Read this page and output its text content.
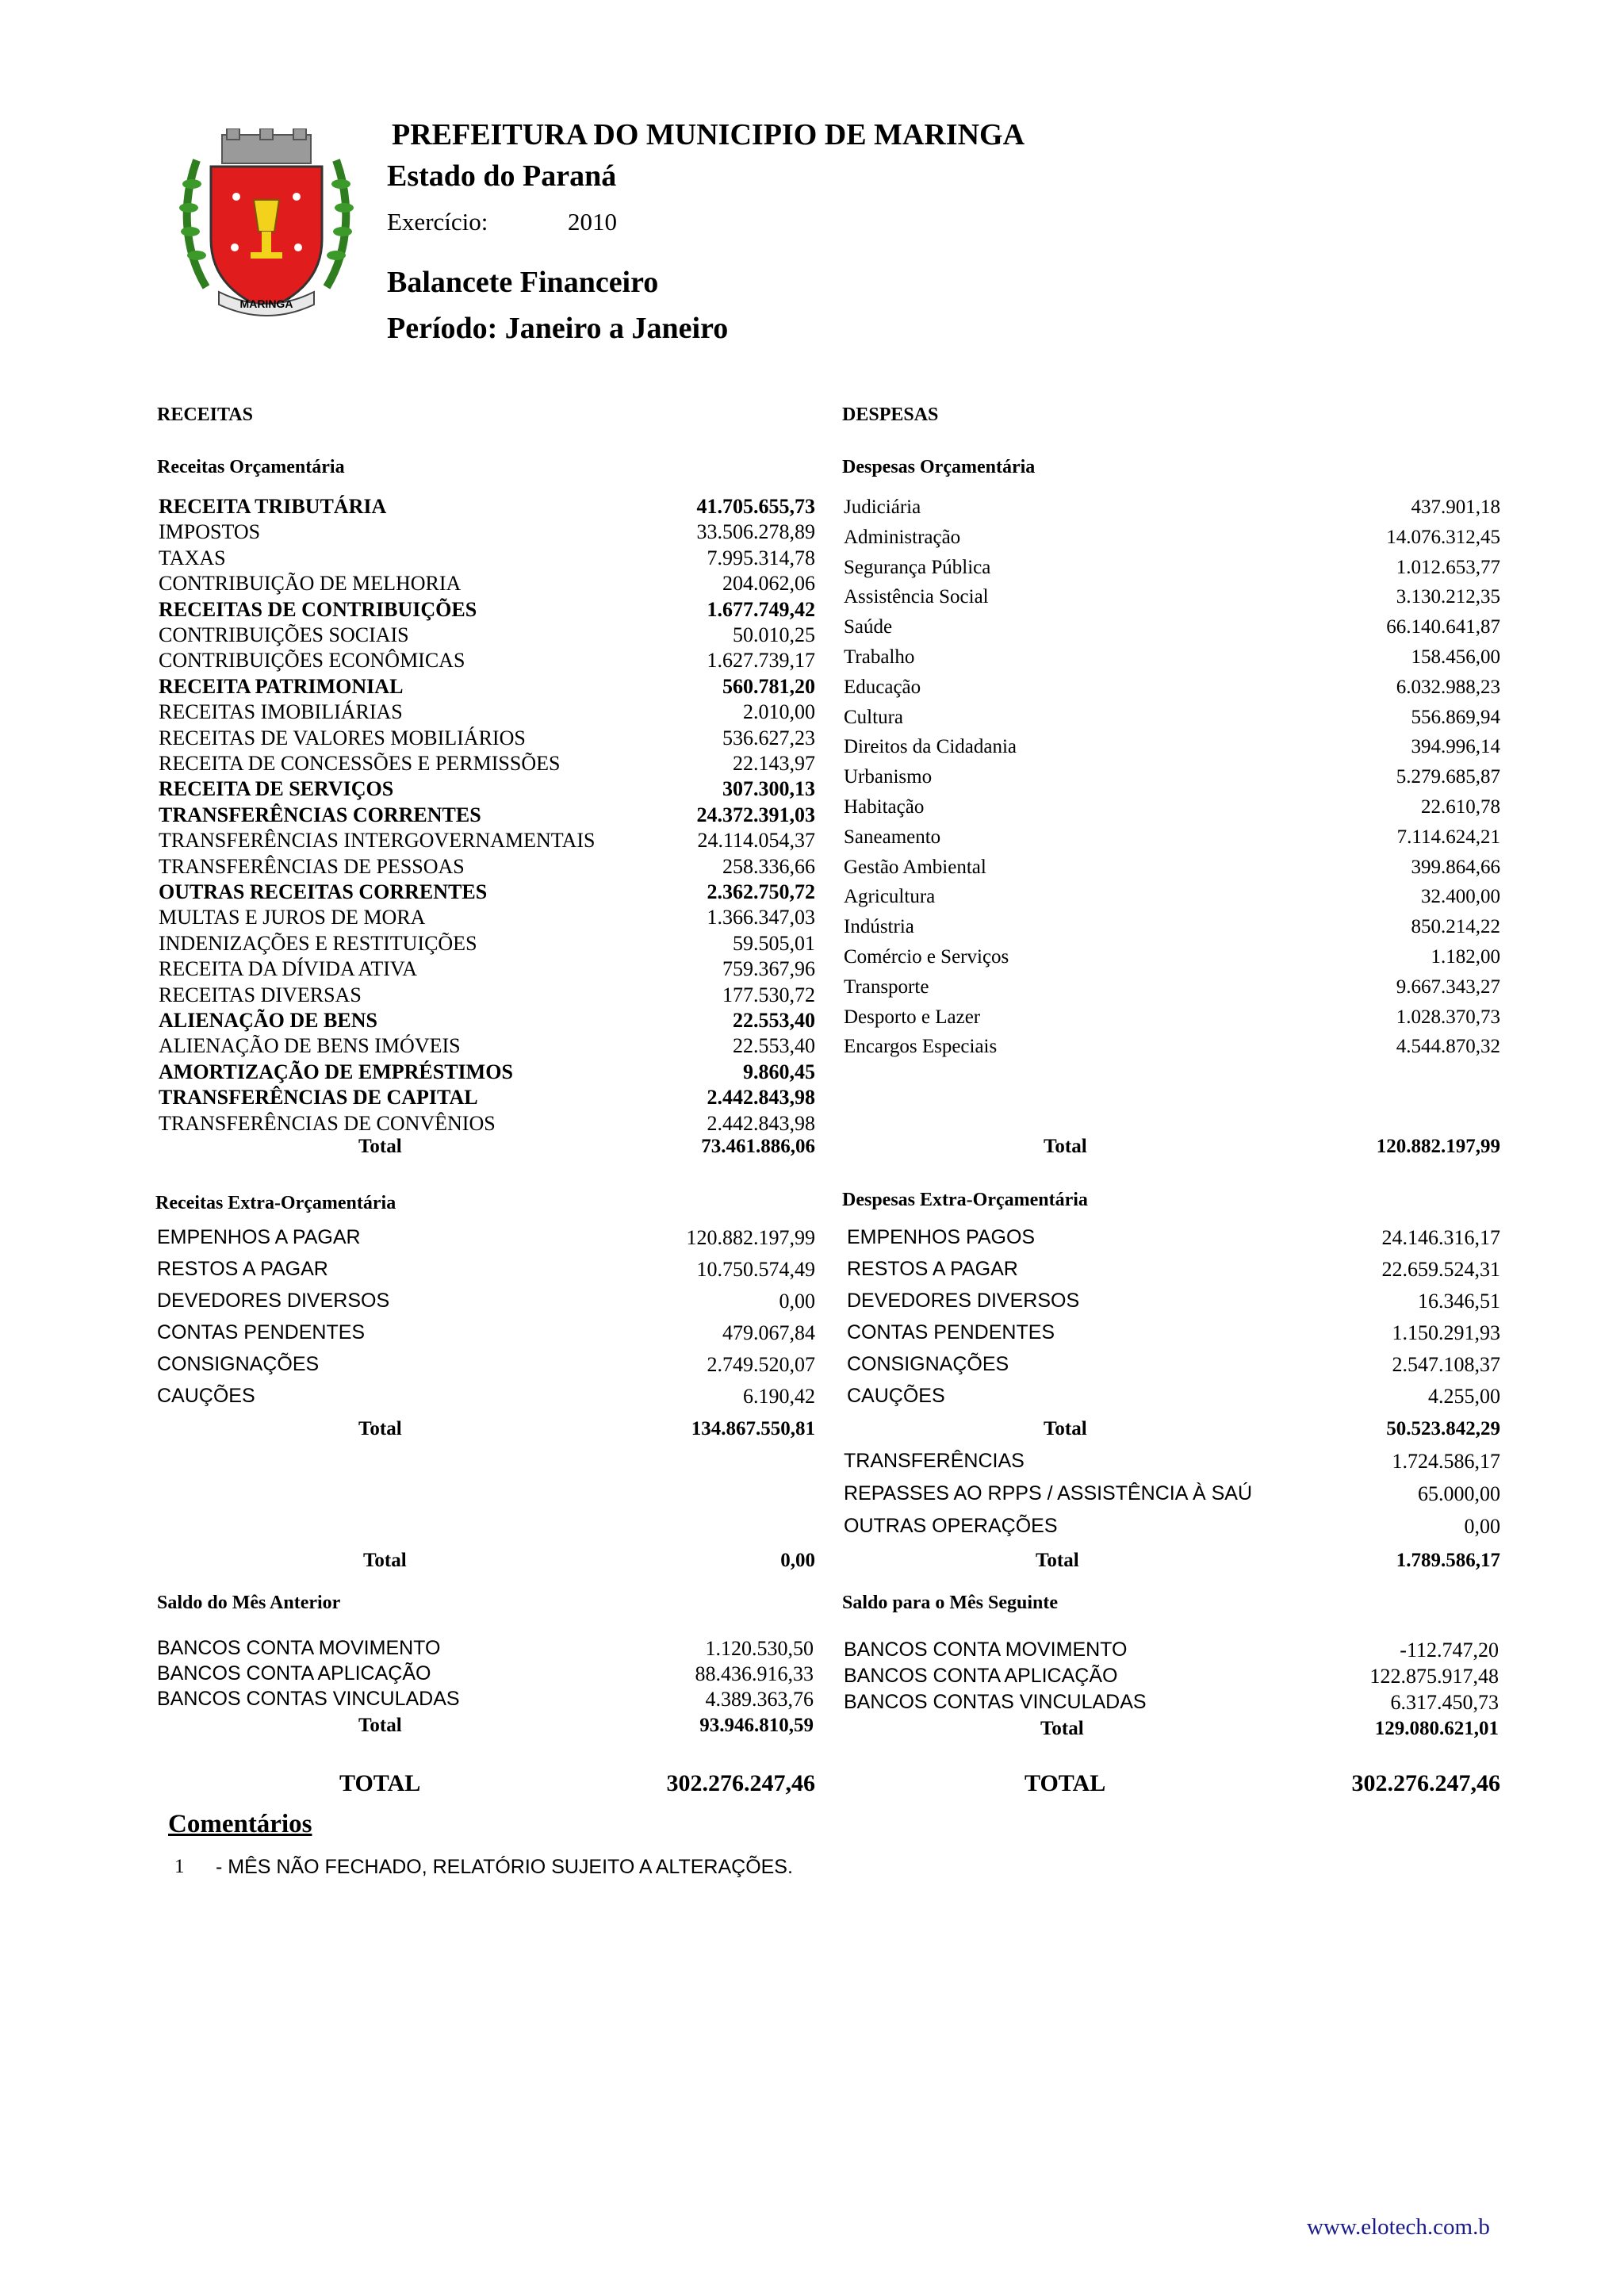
MARINGÁ
PREFEITURA DO MUNICIPIO DE MARINGA
Estado do Paraná
Exercício:	2010
Balancete Financeiro
Período: Janeiro a Janeiro
RECEITAS	DESPESAS
Receitas Orçamentária	Despesas Orçamentária
RECEITA TRIBUTÁRIA	41.705.655,73
IMPOSTOS	33.506.278,89
TAXAS	7.995.314,78
CONTRIBUIÇÃO DE MELHORIA	204.062,06
RECEITAS DE CONTRIBUIÇÕES	1.677.749,42
CONTRIBUIÇÕES SOCIAIS	50.010,25
CONTRIBUIÇÕES ECONÔMICAS	1.627.739,17
RECEITA PATRIMONIAL	560.781,20
RECEITAS IMOBILIÁRIAS	2.010,00
RECEITAS DE VALORES MOBILIÁRIOS	536.627,23
RECEITA DE CONCESSÕES E PERMISSÕES	22.143,97
RECEITA DE SERVIÇOS	307.300,13
TRANSFERÊNCIAS CORRENTES	24.372.391,03
TRANSFERÊNCIAS INTERGOVERNAMENTAIS	24.114.054,37
TRANSFERÊNCIAS DE PESSOAS	258.336,66
OUTRAS RECEITAS CORRENTES	2.362.750,72
MULTAS E JUROS DE MORA	1.366.347,03
INDENIZAÇÕES E RESTITUIÇÕES	59.505,01
RECEITA DA DÍVIDA ATIVA	759.367,96
RECEITAS DIVERSAS	177.530,72
ALIENAÇÃO DE BENS	22.553,40
ALIENAÇÃO DE BENS IMÓVEIS	22.553,40
AMORTIZAÇÃO DE EMPRÉSTIMOS	9.860,45
TRANSFERÊNCIAS DE CAPITAL	2.442.843,98
TRANSFERÊNCIAS DE CONVÊNIOS	2.442.843,98
Judiciária	437.901,18
Administração	14.076.312,45
Segurança Pública	1.012.653,77
Assistência Social	3.130.212,35
Saúde	66.140.641,87
Trabalho	158.456,00
Educação	6.032.988,23
Cultura	556.869,94
Direitos da Cidadania	394.996,14
Urbanismo	5.279.685,87
Habitação	22.610,78
Saneamento	7.114.624,21
Gestão Ambiental	399.864,66
Agricultura	32.400,00
Indústria	850.214,22
Comércio e Serviços	1.182,00
Transporte	9.667.343,27
Desporto e Lazer	1.028.370,73
Encargos Especiais	4.544.870,32
Total	73.461.886,06	Total	120.882.197,99
Receitas Extra-Orçamentária	Despesas Extra-Orçamentária
EMPENHOS A PAGAR	120.882.197,99
RESTOS A PAGAR	10.750.574,49
DEVEDORES DIVERSOS	0,00
CONTAS PENDENTES	479.067,84
CONSIGNAÇÕES	2.749.520,07
CAUÇÕES	6.190,42
EMPENHOS PAGOS	24.146.316,17
RESTOS A PAGAR	22.659.524,31
DEVEDORES DIVERSOS	16.346,51
CONTAS PENDENTES	1.150.291,93
CONSIGNAÇÕES	2.547.108,37
CAUÇÕES	4.255,00
Total	134.867.550,81	Total	50.523.842,29
TRANSFERÊNCIAS	1.724.586,17
REPASSES AO RPPS / ASSISTÊNCIA À SAÚ	65.000,00
OUTRAS OPERAÇÕES	0,00
Total	0,00	Total	1.789.586,17
Saldo do Mês Anterior	Saldo para o Mês Seguinte
BANCOS CONTA MOVIMENTO	1.120.530,50
BANCOS CONTA APLICAÇÃO	88.436.916,33
BANCOS CONTAS VINCULADAS	4.389.363,76
BANCOS CONTA MOVIMENTO	-112.747,20
BANCOS CONTA APLICAÇÃO	122.875.917,48
BANCOS CONTAS VINCULADAS	6.317.450,73
Total	93.946.810,59	Total	129.080.621,01
TOTAL	302.276.247,46	TOTAL	302.276.247,46
Comentários
1 - MÊS NÃO FECHADO, RELATÓRIO SUJEITO A ALTERAÇÕES.
www.elotech.com.b
